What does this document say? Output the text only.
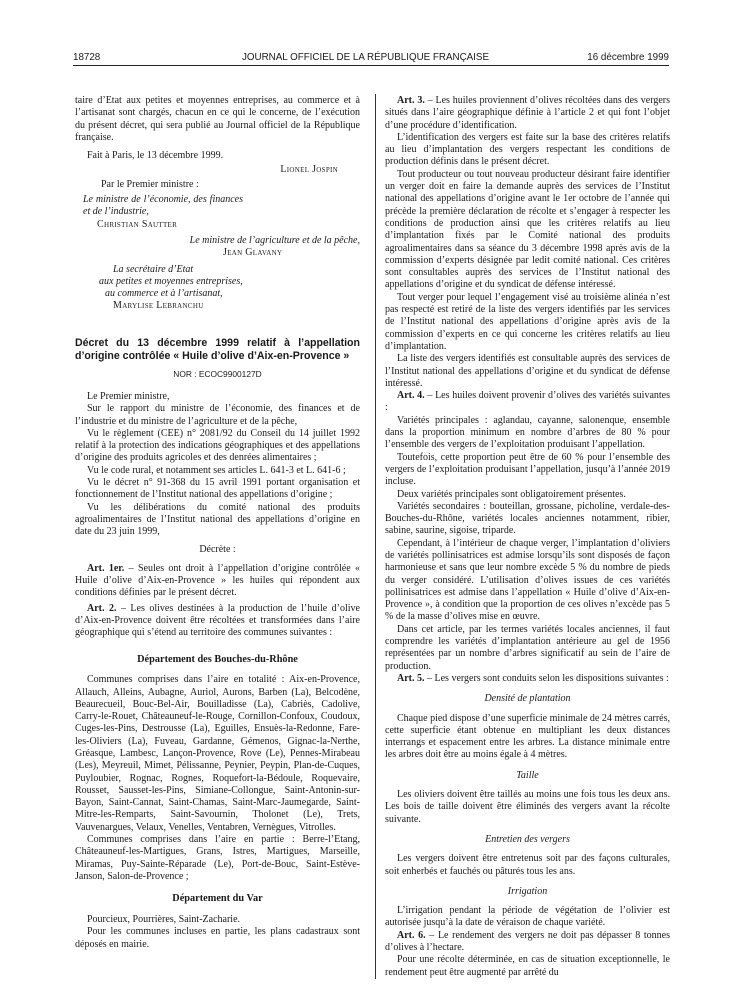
18728	JOURNAL OFFICIEL DE LA RÉPUBLIQUE FRANÇAISE	16 décembre 1999

taire d’Etat aux petites et moyennes entreprises, au commerce et à l’artisanat sont chargés, chacun en ce qui le concerne, de l’exécution du présent décret, qui sera publié au Journal officiel de la République française.

Fait à Paris, le 13 décembre 1999.

Lionel Jospin

Par le Premier ministre :

Le ministre de l’économie, des finances et de l’industrie,

Christian Sautter

Le ministre de l’agriculture et de la pêche,

Jean Glavany

La secrétaire d’Etat

aux petites et moyennes entreprises,

au commerce et à l’artisanat,

Marylise Lebranchu

Décret du 13 décembre 1999 relatif à l’appellation d’origine contrôlée « Huile d’olive d’Aix-en-Provence »
NOR : ECOC9900127D

Le Premier ministre,

Sur le rapport du ministre de l’économie, des finances et de l’industrie et du ministre de l’agriculture et de la pêche,

Vu le règlement (CEE) n° 2081/92 du Conseil du 14 juillet 1992 relatif à la protection des indications géographiques et des appellations d’origine des produits agricoles et des denrées alimentaires ;

Vu le code rural, et notamment ses articles L. 641-3 et L. 641-6 ;

Vu le décret n° 91-368 du 15 avril 1991 portant organisation et fonctionnement de l’Institut national des appellations d’origine ;

Vu les délibérations du comité national des produits agroalimentaires de l’Institut national des appellations d’origine en date du 23 juin 1999,

Décrète :

Art. 1er. – Seules ont droit à l’appellation d’origine contrôlée « Huile d’olive d’Aix-en-Provence » les huiles qui répondent aux conditions définies par le présent décret.

Art. 2. – Les olives destinées à la production de l’huile d’olive d’Aix-en-Provence doivent être récoltées et transformées dans l’aire géographique qui s’étend au territoire des communes suivantes :

Département des Bouches-du-Rhône

Communes comprises dans l’aire en totalité : Aix-en-Provence, Allauch, Alleins, Aubagne, Auriol, Aurons, Barben (La), Belcodène, Beaurecueil, Bouc-Bel-Air, Bouilladisse (La), Cabriès, Cadolive, Carry-le-Rouet, Châteauneuf-le-Rouge, Cornillon-Confoux, Coudoux, Cuges-les-Pins, Destrousse (La), Eguilles, Ensuès-la-Redonne, Fare-les-Oliviers (La), Fuveau, Gardanne, Gémenos, Gignac-la-Nerthe, Gréasque, Lambesc, Lançon-Provence, Rove (Le), Pennes-Mirabeau (Les), Meyreuil, Mimet, Pélissanne, Peynier, Peypin, Plan-de-Cuques, Puyloubier, Rognac, Rognes, Roquefort-la-Bédoule, Roquevaire, Rousset, Sausset-les-Pins, Simiane-Collongue, Saint-Antonin-sur-Bayon, Saint-Cannat, Saint-Chamas, Saint-Marc-Jaumegarde, Saint-Mitre-les-Remparts, Saint-Savournin, Tholonet (Le), Trets, Vauvenargues, Velaux, Venelles, Ventabren, Vernègues, Vitrolles.

Communes comprises dans l’aire en partie : Berre-l’Etang, Châteauneuf-les-Martigues, Grans, Istres, Martigues, Marseille, Miramas, Puy-Sainte-Réparade (Le), Port-de-Bouc, Saint-Estève-Janson, Salon-de-Provence ;

Département du Var

Pourcieux, Pourrières, Saint-Zacharie.

Pour les communes incluses en partie, les plans cadastraux sont déposés en mairie.

Art. 3. – Les huiles proviennent d’olives récoltées dans des vergers situés dans l’aire géographique définie à l’article 2 et qui font l’objet d’une procédure d’identification.

L’identification des vergers est faite sur la base des critères relatifs au lieu d’implantation des vergers respectant les conditions de production définis dans le présent décret.

Tout producteur ou tout nouveau producteur désirant faire identifier un verger doit en faire la demande auprès des services de l’Institut national des appellations d’origine avant le 1er octobre de l’année qui précède la première déclaration de récolte et s’engager à respecter les conditions de production ainsi que les critères relatifs au lieu d’implantation fixés par le Comité national des produits agroalimentaires dans sa séance du 3 décembre 1998 après avis de la commission d’experts désignée par ledit comité national. Ces critères sont consultables auprès des services de l’Institut national des appellations d’origine et du syndicat de défense intéressé.

Tout verger pour lequel l’engagement visé au troisième alinéa n’est pas respecté est retiré de la liste des vergers identifiés par les services de l’Institut national des appellations d’origine après avis de la commission d’experts en ce qui concerne les critères relatifs au lieu d’implantation.

La liste des vergers identifiés est consultable auprès des services de l’Institut national des appellations d’origine et du syndicat de défense intéressé.

Art. 4. – Les huiles doivent provenir d’olives des variétés suivantes :

Variétés principales : aglandau, cayanne, salonenque, ensemble dans la proportion minimum en nombre d’arbres de 80 % pour l’ensemble des vergers de l’exploitation produisant l’appellation.

Toutefois, cette proportion peut être de 60 % pour l’ensemble des vergers de l’exploitation produisant l’appellation, jusqu’à l’année 2019 incluse.

Deux variétés principales sont obligatoirement présentes.

Variétés secondaires : bouteillan, grossane, picholine, verdale-des-Bouches-du-Rhône, variétés locales anciennes notamment, ribier, sabine, saurine, sigoise, triparde.

Cependant, à l’intérieur de chaque verger, l’implantation d’oliviers de variétés pollinisatrices est admise lorsqu’ils sont disposés de façon harmonieuse et sans que leur nombre excède 5 % du nombre de pieds du verger considéré. L’utilisation d’olives issues de ces variétés pollinisatrices est admise dans l’appellation « Huile d’olive d’Aix-en-Provence », à condition que la proportion de ces olives n’excède pas 5 % de la masse d’olives mise en œuvre.

Dans cet article, par les termes variétés locales anciennes, il faut comprendre les variétés d’implantation antérieure au gel de 1956 représentées par un nombre d’arbres significatif au sein de l’aire de production.

Art. 5. – Les vergers sont conduits selon les dispositions suivantes :

Densité de plantation

Chaque pied dispose d’une superficie minimale de 24 mètres carrés, cette superficie étant obtenue en multipliant les deux distances interrangs et espacement entre les arbres. La distance minimale entre les arbres doit être au moins égale à 4 mètres.

Taille

Les oliviers doivent être taillés au moins une fois tous les deux ans. Les bois de taille doivent être éliminés des vergers avant la récolte suivante.

Entretien des vergers

Les vergers doivent être entretenus soit par des façons culturales, soit enherbés et fauchés ou pâturés tous les ans.

Irrigation

L’irrigation pendant la période de végétation de l’olivier est autorisée jusqu’à la date de véraison de chaque variété.

Art. 6. – Le rendement des vergers ne doit pas dépasser 8 tonnes d’olives à l’hectare.

Pour une récolte déterminée, en cas de situation exceptionnelle, le rendement peut être augmenté par arrêté du
